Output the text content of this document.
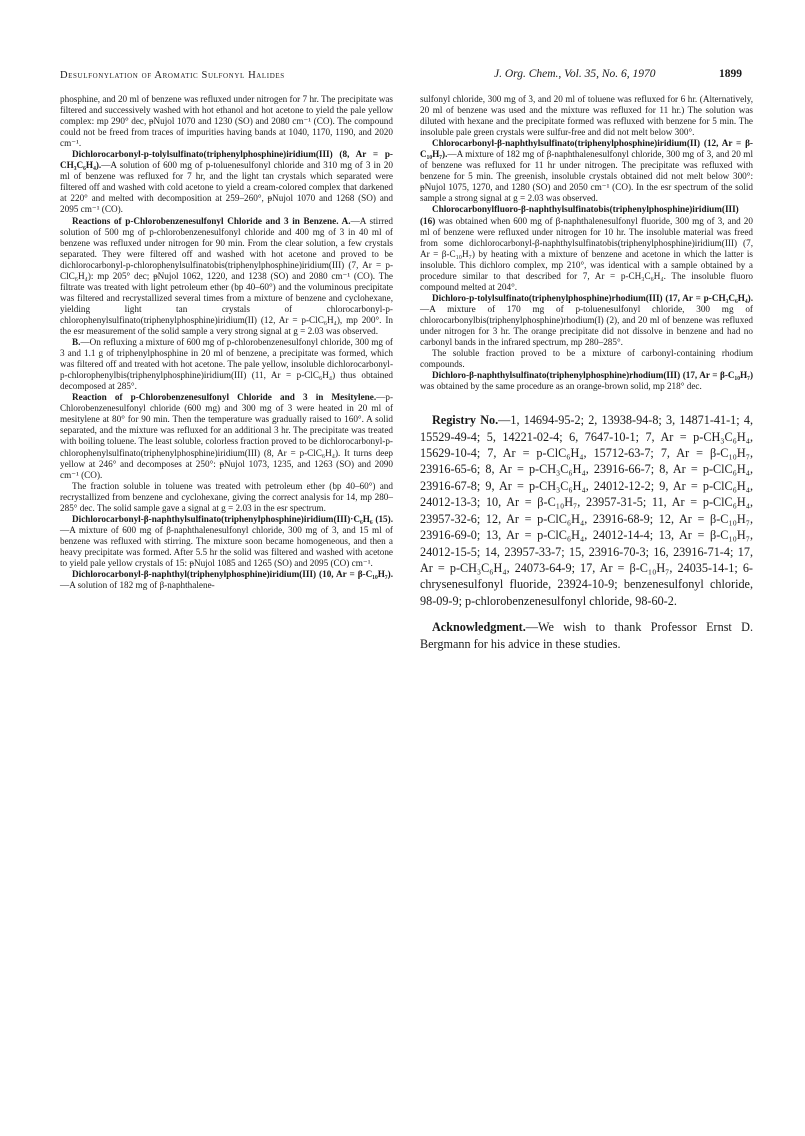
Desulfonylation of Aromatic Sulfonyl Halides	J. Org. Chem., Vol. 35, No. 6, 1970	1899

phosphine, and 20 ml of benzene was refluxed under nitrogen for 7 hr. The precipitate was filtered and successively washed with hot ethanol and hot acetone to yield the pale yellow complex: mp 290° dec, ᵽNujol 1070 and 1230 (SO) and 2080 cm⁻¹ (CO). The compound could not be freed from traces of impurities having bands at 1040, 1170, 1190, and 2020 cm⁻¹.

Dichlorocarbonyl-p-tolylsulfinato(triphenylphosphine)iridium(III) (8, Ar = p-CH₃C₆H₄).—A solution of 600 mg of p-toluenesulfonyl chloride and 310 mg of 3 in 20 ml of benzene was refluxed for 7 hr, and the light tan crystals which separated were filtered off and washed with cold acetone to yield a cream-colored complex that darkened at 220° and melted with decomposition at 259–260°, ᵽNujol 1070 and 1268 (SO) and 2095 cm⁻¹ (CO).

Reactions of p-Chlorobenzenesulfonyl Chloride and 3 in Benzene. A.—A stirred solution of 500 mg of p-chlorobenzenesulfonyl chloride and 400 mg of 3 in 40 ml of benzene was refluxed under nitrogen for 90 min. From the clear solution, a few crystals separated. They were filtered off and washed with hot acetone and proved to be dichlorocarbonyl-p-chlorophenylsulfinatobis(triphenylphosphine)iridium(III) (7, Ar = p-ClC₆H₄): mp 205° dec; ᵽNujol 1062, 1220, and 1238 (SO) and 2080 cm⁻¹ (CO). The filtrate was treated with light petroleum ether (bp 40–60°) and the voluminous precipitate was filtered and recrystallized several times from a mixture of benzene and cyclohexane, yielding light tan crystals of chlorocarbonyl-p-chlorophenylsulfinato(triphenylphosphine)iridium(II) (12, Ar = p-ClC₆H₄), mp 200°. In the esr measurement of the solid sample a very strong signal at g = 2.03 was observed.

B.—On refluxing a mixture of 600 mg of p-chlorobenzenesulfonyl chloride, 300 mg of 3 and 1.1 g of triphenylphosphine in 20 ml of benzene, a precipitate was formed, which was filtered off and treated with hot acetone. The pale yellow, insoluble dichlorocarbonyl-p-chlorophenylbis(triphenylphosphine)iridium(III) (11, Ar = p-ClC₆H₄) thus obtained decomposed at 285°.

Reaction of p-Chlorobenzenesulfonyl Chloride and 3 in Mesitylene.—p-Chlorobenzenesulfonyl chloride (600 mg) and 300 mg of 3 were heated in 20 ml of mesitylene at 80° for 90 min. Then the temperature was gradually raised to 160°. A solid separated, and the mixture was refluxed for an additional 3 hr. The precipitate was treated with boiling toluene. The least soluble, colorless fraction proved to be dichlorocarbonyl-p-chlorophenylsulfinato(triphenylphosphine)iridium(III) (8, Ar = p-ClC₆H₄). It turns deep yellow at 246° and decomposes at 250°: ᵽNujol 1073, 1235, and 1263 (SO) and 2090 cm⁻¹ (CO).

The fraction soluble in toluene was treated with petroleum ether (bp 40–60°) and recrystallized from benzene and cyclohexane, giving the correct analysis for 14, mp 280–285° dec. The solid sample gave a signal at g = 2.03 in the esr spectrum.

Dichlorocarbonyl-β-naphthylsulfinato(triphenylphosphine)iridium(III)·C₆H₆ (15).—A mixture of 600 mg of β-naphthalenesulfonyl chloride, 300 mg of 3, and 15 ml of benzene was refluxed with stirring. The mixture soon became homogeneous, and then a heavy precipitate was formed. After 5.5 hr the solid was filtered and washed with acetone to yield pale yellow crystals of 15: ᵽNujol 1085 and 1265 (SO) and 2095 (CO) cm⁻¹.

Dichlorocarbonyl-β-naphthyl(triphenylphosphine)iridium(III) (10, Ar = β-C₁₀H₇).—A solution of 182 mg of β-naphthalene-

sulfonyl chloride, 300 mg of 3, and 20 ml of toluene was refluxed for 6 hr. (Alternatively, 20 ml of benzene was used and the mixture was refluxed for 11 hr.) The solution was diluted with hexane and the precipitate formed was refluxed with benzene for 5 min. The insoluble pale green crystals were sulfur-free and did not melt below 300°.

Chlorocarbonyl-β-naphthylsulfinato(triphenylphosphine)iridium(II) (12, Ar = β-C₁₀H₇).—A mixture of 182 mg of β-naphthalenesulfonyl chloride, 300 mg of 3, and 20 ml of benzene was refluxed for 11 hr under nitrogen. The precipitate was refluxed with benzene for 5 min. The greenish, insoluble crystals obtained did not melt below 300°: ᵽNujol 1075, 1270, and 1280 (SO) and 2050 cm⁻¹ (CO). In the esr spectrum of the solid sample a strong signal at g = 2.03 was observed.

Chlorocarbonylfluoro-β-naphthylsulfinatobis(triphenylphosphine)iridium(III) (16) was obtained when 600 mg of β-naphthalenesulfonyl fluoride, 300 mg of 3, and 20 ml of benzene were refluxed under nitrogen for 10 hr. The insoluble material was freed from some dichlorocarbonyl-β-naphthylsulfinatobis(triphenylphosphine)iridium(III) (7, Ar = β-C₁₀H₇) by heating with a mixture of benzene and acetone in which the latter is insoluble. This dichloro complex, mp 210°, was identical with a sample obtained by a procedure similar to that described for 7, Ar = p-CH₃C₆H₄. The insoluble fluoro compound melted at 204°.

Dichloro-p-tolylsulfinato(triphenylphosphine)rhodium(III) (17, Ar = p-CH₃C₆H₄).—A mixture of 170 mg of p-toluenesulfonyl chloride, 300 mg of chlorocarbonylbis(triphenylphosphine)rhodium(I) (2), and 20 ml of benzene was refluxed under nitrogen for 3 hr. The orange precipitate did not dissolve in benzene and had no carbonyl bands in the infrared spectrum, mp 280–285°.

The soluble fraction proved to be a mixture of carbonyl-containing rhodium compounds.

Dichloro-β-naphthylsulfinato(triphenylphosphine)rhodium(III) (17, Ar = β-C₁₀H₇) was obtained by the same procedure as an orange-brown solid, mp 218° dec.

Registry No.—1, 14694-95-2; 2, 13938-94-8; 3, 14871-41-1; 4, 15529-49-4; 5, 14221-02-4; 6, 7647-10-1; 7, Ar = p-CH₃C₆H₄, 15629-10-4; 7, Ar = p-ClC₆H₄, 15712-63-7; 7, Ar = β-C₁₀H₇, 23916-65-6; 8, Ar = p-CH₃C₆H₄, 23916-66-7; 8, Ar = p-ClC₆H₄, 23916-67-8; 9, Ar = p-CH₃C₆H₄, 24012-12-2; 9, Ar = p-ClC₆H₄, 24012-13-3; 10, Ar = β-C₁₀H₇, 23957-31-5; 11, Ar = p-ClC₆H₄, 23957-32-6; 12, Ar = p-ClC₆H₄, 23916-68-9; 12, Ar = β-C₁₀H₇, 23916-69-0; 13, Ar = p-ClC₆H₄, 24012-14-4; 13, Ar = β-C₁₀H₇, 24012-15-5; 14, 23957-33-7; 15, 23916-70-3; 16, 23916-71-4; 17, Ar = p-CH₃C₆H₄, 24073-64-9; 17, Ar = β-C₁₀H₇, 24035-14-1; 6-chrysenesulfonyl fluoride, 23924-10-9; benzenesulfonyl chloride, 98-09-9; p-chlorobenzenesulfonyl chloride, 98-60-2.

Acknowledgment.—We wish to thank Professor Ernst D. Bergmann for his advice in these studies.
